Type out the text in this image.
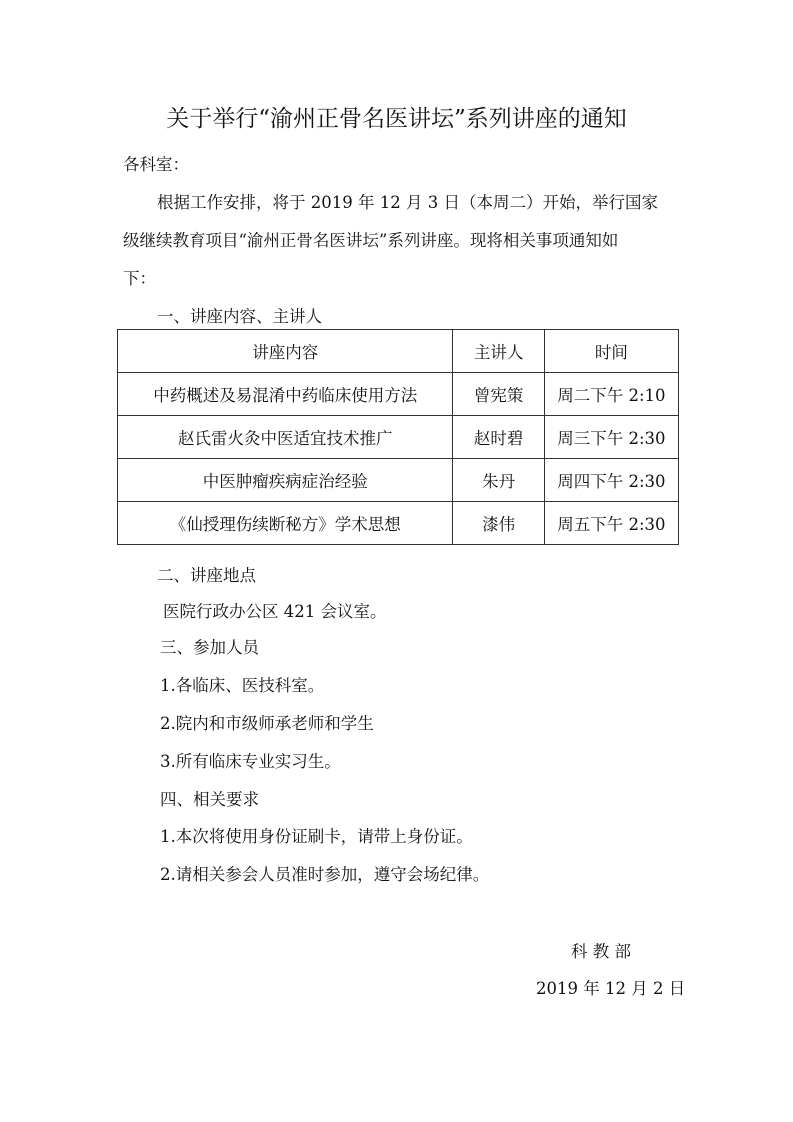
关于举行“渝州正骨名医讲坛”系列讲座的通知
各科室：
根据工作安排，将于 2019 年 12 月 3 日（本周二）开始，举行国家
级继续教育项目“渝州正骨名医讲坛”系列讲座。现将相关事项通知如
下：
一、讲座内容、主讲人
讲座内容	主讲人	时间
中药概述及易混淆中药临床使用方法	曾宪策	周二下午 2:10
赵氏雷火灸中医适宜技术推广	赵时碧	周三下午 2:30
中医肿瘤疾病症治经验	朱丹	周四下午 2:30
《仙授理伤续断秘方》学术思想	漆伟	周五下午 2:30
二、讲座地点
医院行政办公区 421 会议室。
三、参加人员
1.各临床、医技科室。
2.院内和市级师承老师和学生
3.所有临床专业实习生。
四、相关要求
1.本次将使用身份证刷卡，请带上身份证。
2.请相关参会人员准时参加，遵守会场纪律。
科 教 部
2019 年 12 月 2 日
